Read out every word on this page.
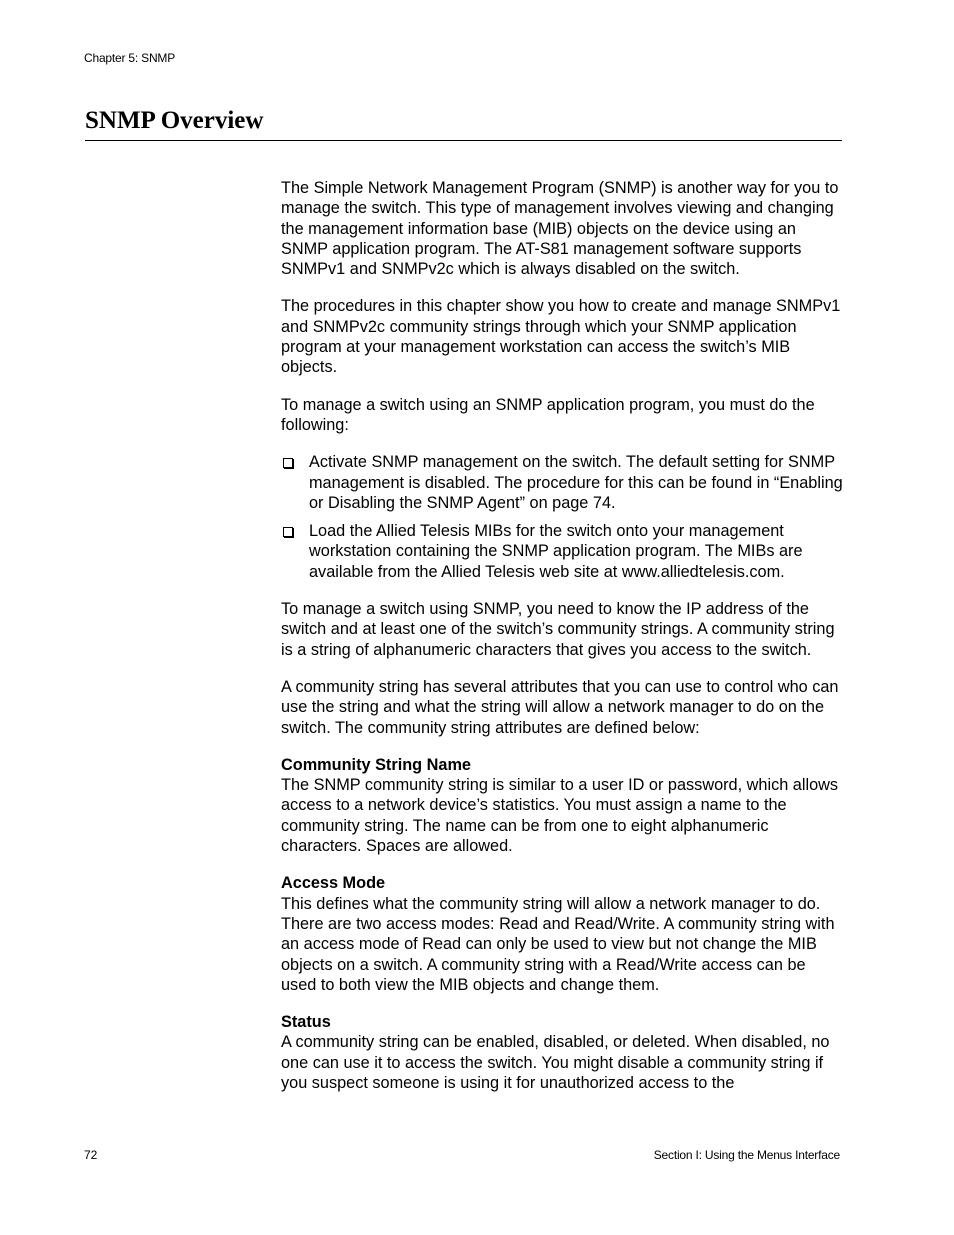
Chapter 5: SNMP
SNMP Overview

The Simple Network Management Program (SNMP) is another way for you to manage the switch. This type of management involves viewing and changing the management information base (MIB) objects on the device using an SNMP application program. The AT-S81 management software supports SNMPv1 and SNMPv2c which is always disabled on the switch.

The procedures in this chapter show you how to create and manage SNMPv1 and SNMPv2c community strings through which your SNMP application program at your management workstation can access the switch’s MIB objects.

To manage a switch using an SNMP application program, you must do the following:

Activate SNMP management on the switch. The default setting for SNMP management is disabled. The procedure for this can be found in “Enabling or Disabling the SNMP Agent” on page 74.
Load the Allied Telesis MIBs for the switch onto your management workstation containing the SNMP application program. The MIBs are available from the Allied Telesis web site at www.alliedtelesis.com.

To manage a switch using SNMP, you need to know the IP address of the switch and at least one of the switch’s community strings. A community string is a string of alphanumeric characters that gives you access to the switch.

A community string has several attributes that you can use to control who can use the string and what the string will allow a network manager to do on the switch. The community string attributes are defined below:

Community String Name
The SNMP community string is similar to a user ID or password, which allows access to a network device’s statistics. You must assign a name to the community string. The name can be from one to eight alphanumeric characters. Spaces are allowed.
Access Mode
This defines what the community string will allow a network manager to do. There are two access modes: Read and Read/Write. A community string with an access mode of Read can only be used to view but not change the MIB objects on a switch. A community string with a Read/Write access can be used to both view the MIB objects and change them.
Status
A community string can be enabled, disabled, or deleted. When disabled, no one can use it to access the switch. You might disable a community string if you suspect someone is using it for unauthorized access to the
72	Section I: Using the Menus Interface
